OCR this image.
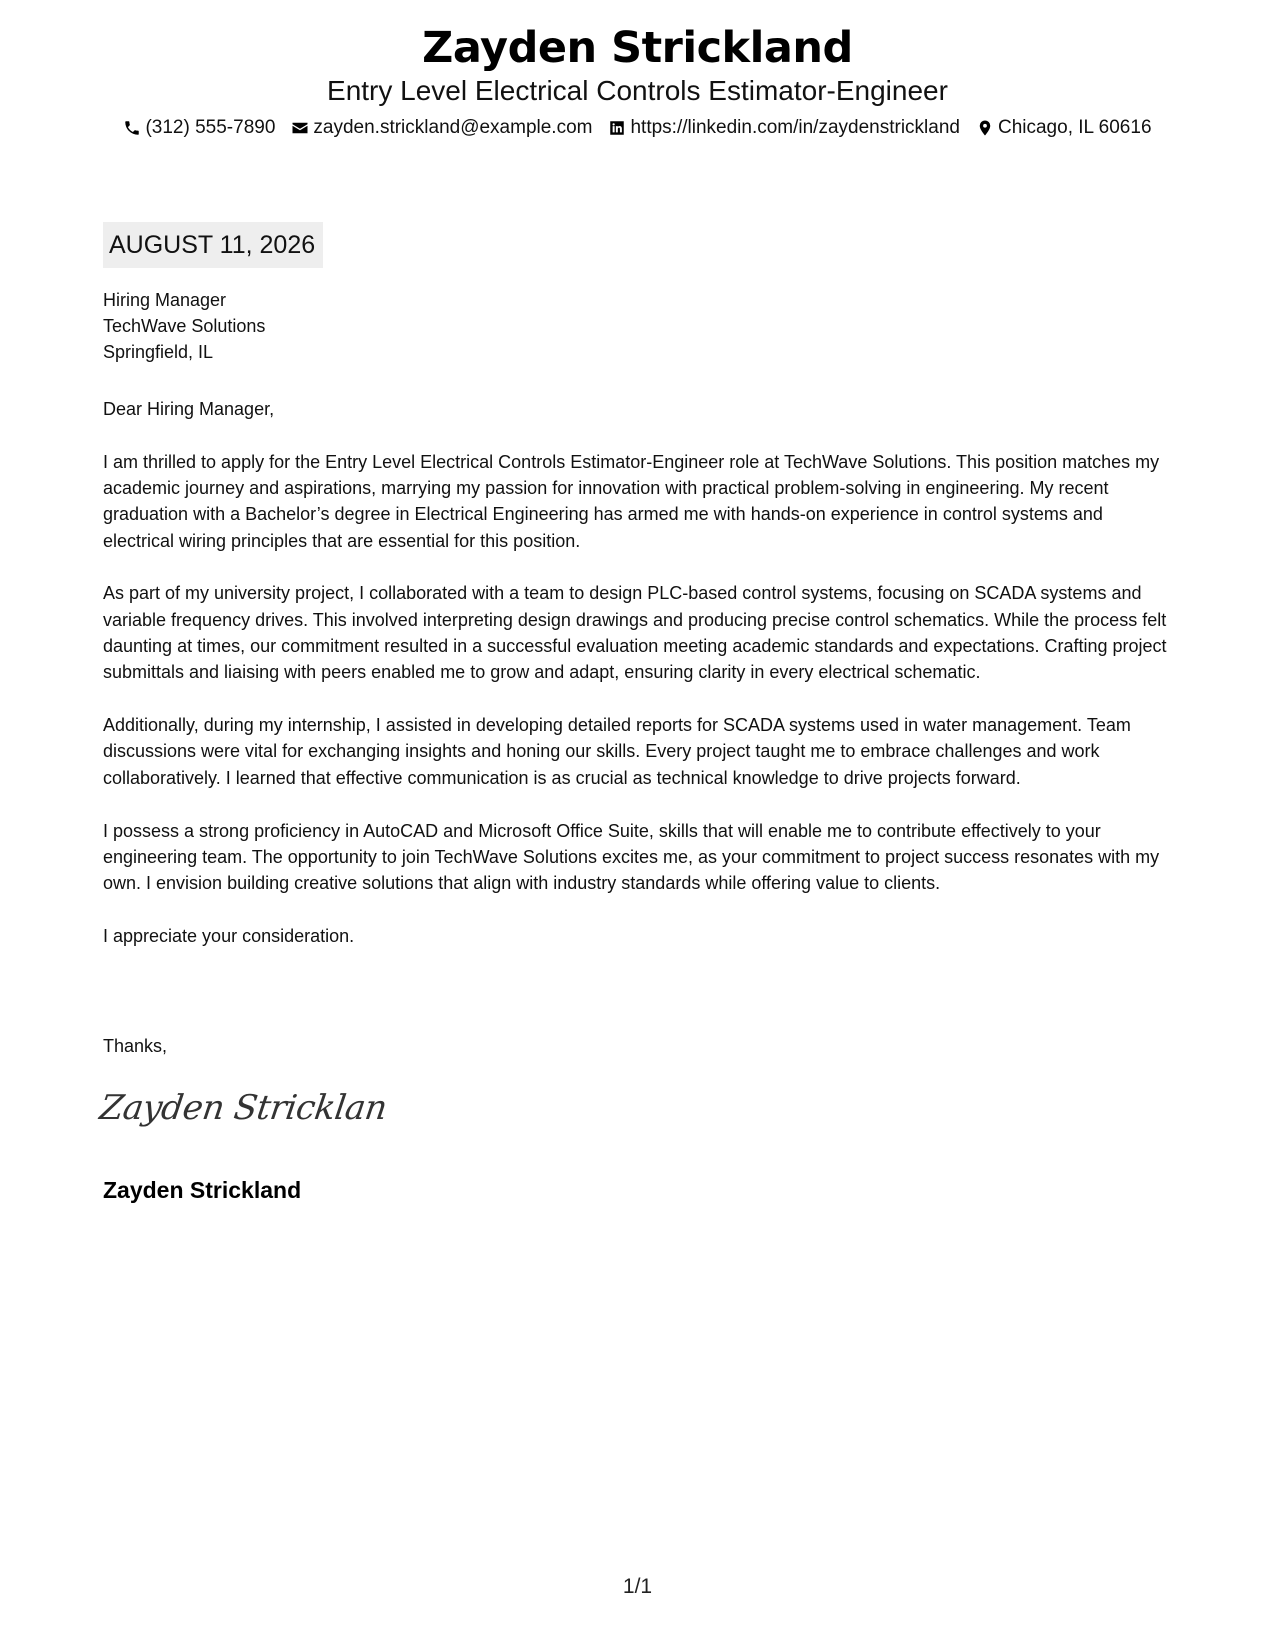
Zayden Strickland
Entry Level Electrical Controls Estimator-Engineer
(312) 555-7890 zayden.strickland@example.com https://linkedin.com/in/zaydenstrickland Chicago, IL 60616
AUGUST 11, 2026
Hiring Manager
TechWave Solutions
Springfield, IL

Dear Hiring Manager,

I am thrilled to apply for the Entry Level Electrical Controls Estimator-Engineer role at TechWave Solutions. This position matches my academic journey and aspirations, marrying my passion for innovation with practical problem-solving in engineering. My recent graduation with a Bachelor’s degree in Electrical Engineering has armed me with hands-on experience in control systems and electrical wiring principles that are essential for this position.

As part of my university project, I collaborated with a team to design PLC-based control systems, focusing on SCADA systems and variable frequency drives. This involved interpreting design drawings and producing precise control schematics. While the process felt daunting at times, our commitment resulted in a successful evaluation meeting academic standards and expectations. Crafting project submittals and liaising with peers enabled me to grow and adapt, ensuring clarity in every electrical schematic.

Additionally, during my internship, I assisted in developing detailed reports for SCADA systems used in water management. Team discussions were vital for exchanging insights and honing our skills. Every project taught me to embrace challenges and work collaboratively. I learned that effective communication is as crucial as technical knowledge to drive projects forward.

I possess a strong proficiency in AutoCAD and Microsoft Office Suite, skills that will enable me to contribute effectively to your engineering team. The opportunity to join TechWave Solutions excites me, as your commitment to project success resonates with my own. I envision building creative solutions that align with industry standards while offering value to clients.

I appreciate your consideration.

Thanks,
Zayden Stricklan
Zayden Strickland
1/1
